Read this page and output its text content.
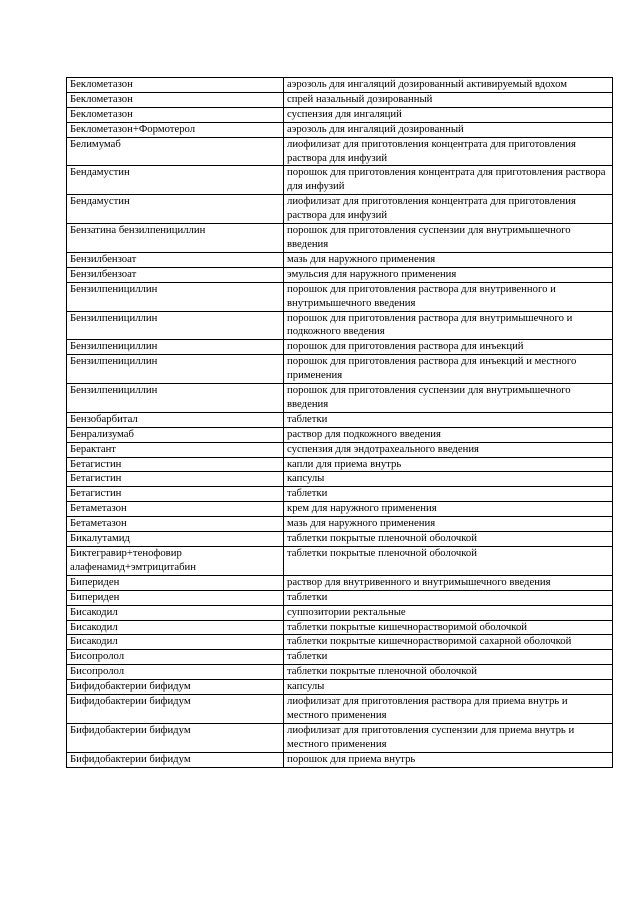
Беклометазон	аэрозоль для ингаляций дозированный активируемый вдохом
Беклометазон	спрей назальный дозированный
Беклометазон	суспензия для ингаляций
Беклометазон+Формотерол	аэрозоль для ингаляций дозированный
Белимумаб	лиофилизат для приготовления концентрата для приготовления раствора для инфузий
Бендамустин	порошок для приготовления концентрата для приготовления раствора для инфузий
Бендамустин	лиофилизат для приготовления концентрата для приготовления раствора для инфузий
Бензатина бензилпенициллин	порошок для приготовления суспензии для внутримышечного введения
Бензилбензоат	мазь для наружного применения
Бензилбензоат	эмульсия для наружного применения
Бензилпенициллин	порошок для приготовления раствора для внутривенного и внутримышечного введения
Бензилпенициллин	порошок для приготовления раствора для внутримышечного и подкожного введения
Бензилпенициллин	порошок для приготовления раствора для инъекций
Бензилпенициллин	порошок для приготовления раствора для инъекций и местного применения
Бензилпенициллин	порошок для приготовления суспензии для внутримышечного введения
Бензобарбитал	таблетки
Бенрализумаб	раствор для подкожного введения
Берактант	суспензия для эндотрахеального введения
Бетагистин	капли для приема внутрь
Бетагистин	капсулы
Бетагистин	таблетки
Бетаметазон	крем для наружного применения
Бетаметазон	мазь для наружного применения
Бикалутамид	таблетки покрытые пленочной оболочкой
Биктегравир+тенофовир алафенамид+эмтрицитабин	таблетки покрытые пленочной оболочкой
Бипериден	раствор для внутривенного и внутримышечного введения
Бипериден	таблетки
Бисакодил	суппозитории ректальные
Бисакодил	таблетки покрытые кишечнорастворимой оболочкой
Бисакодил	таблетки покрытые кишечнорастворимой сахарной оболочкой
Бисопролол	таблетки
Бисопролол	таблетки покрытые пленочной оболочкой
Бифидобактерии бифидум	капсулы
Бифидобактерии бифидум	лиофилизат для приготовления раствора для приема внутрь и местного применения
Бифидобактерии бифидум	лиофилизат для приготовления суспензии для приема внутрь и местного применения
Бифидобактерии бифидум	порошок для приема внутрь
